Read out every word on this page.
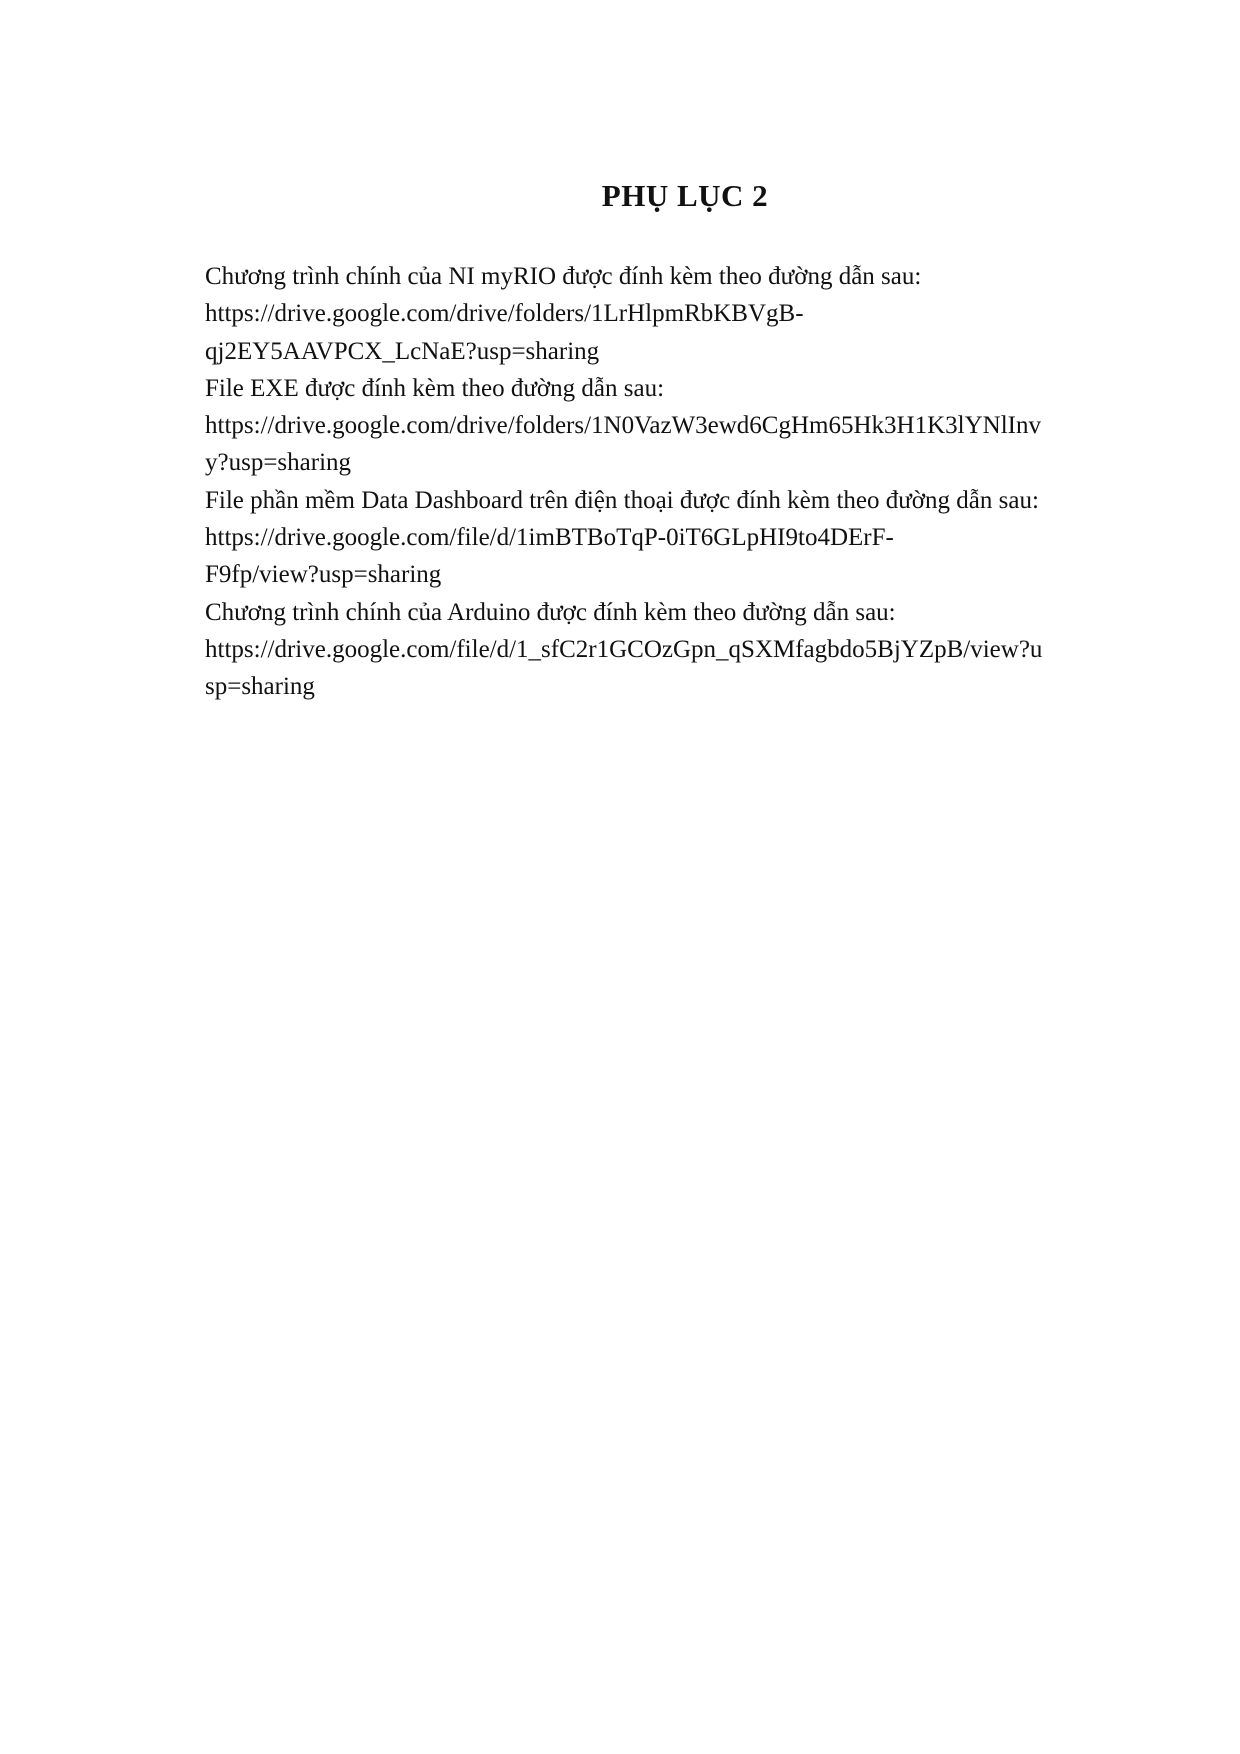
PHỤ LỤC 2
Chương trình chính của NI myRIO được đính kèm theo đường dẫn sau:
https://drive.google.com/drive/folders/1LrHlpmRbKBVgB-
qj2EY5AAVPCX_LcNaE?usp=sharing
File EXE được đính kèm theo đường dẫn sau:
https://drive.google.com/drive/folders/1N0VazW3ewd6CgHm65Hk3H1K3lYNlInv
y?usp=sharing
File phần mềm Data Dashboard trên điện thoại được đính kèm theo đường dẫn sau:
https://drive.google.com/file/d/1imBTBoTqP-0iT6GLpHI9to4DErF-
F9fp/view?usp=sharing
Chương trình chính của Arduino được đính kèm theo đường dẫn sau:
https://drive.google.com/file/d/1_sfC2r1GCOzGpn_qSXMfagbdo5BjYZpB/view?u
sp=sharing
